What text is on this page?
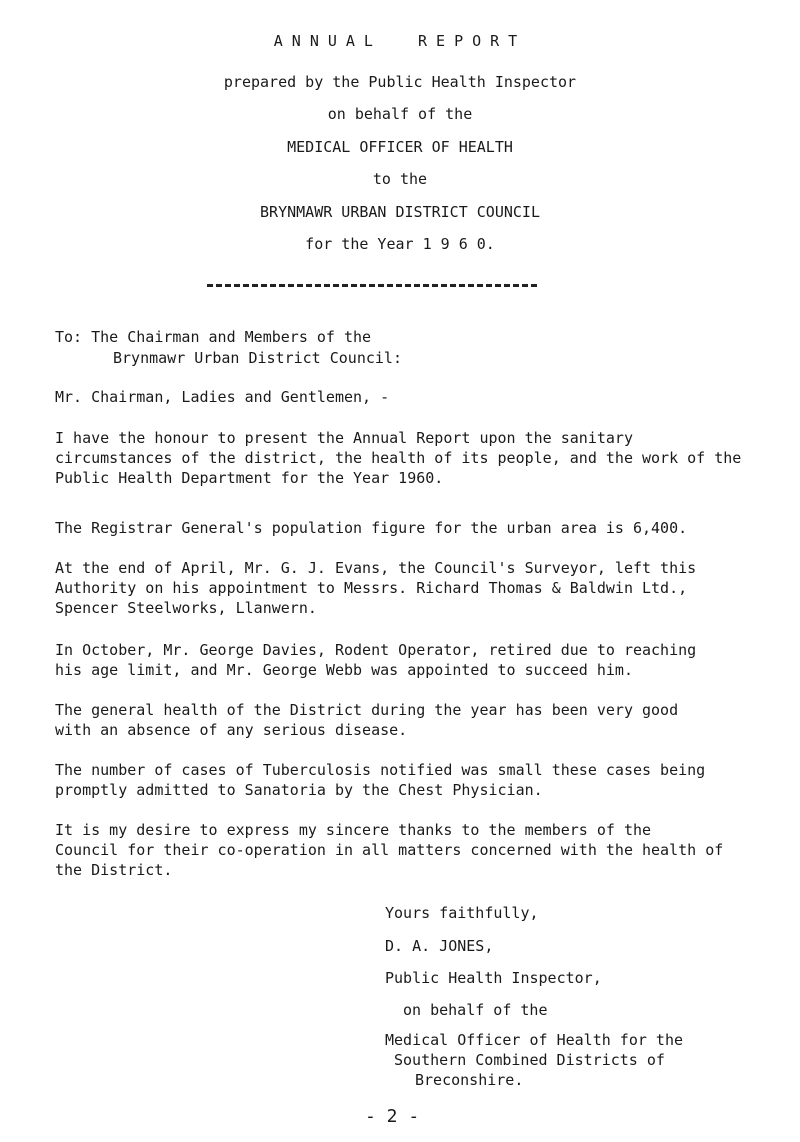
ANNUAL  REPORT
prepared by the Public Health Inspector
on behalf of the
MEDICAL OFFICER OF HEALTH
to the
BRYNMAWR URBAN DISTRICT COUNCIL
for the Year 1 9 6 0.
To: The Chairman and Members of the
Brynmawr Urban District Council:
Mr. Chairman, Ladies and Gentlemen, -
I have the honour to present the Annual Report upon the sanitary
circumstances of the district, the health of its people, and the work of the
Public Health Department for the Year 1960.
The Registrar General's population figure for the urban area is 6,400.
At the end of April, Mr. G. J. Evans, the Council's Surveyor, left this
Authority on his appointment to Messrs. Richard Thomas & Baldwin Ltd.,
Spencer Steelworks, Llanwern.
In October, Mr. George Davies, Rodent Operator, retired due to reaching
his age limit, and Mr. George Webb was appointed to succeed him.
The general health of the District during the year has been very good
with an absence of any serious disease.
The number of cases of Tuberculosis notified was small these cases being
promptly admitted to Sanatoria by the Chest Physician.
It is my desire to express my sincere thanks to the members of the
Council for their co-operation in all matters concerned with the health of
the District.
Yours faithfully,
D. A. JONES,
Public Health Inspector,
on behalf of the
Medical Officer of Health for the
Southern Combined Districts of
Breconshire.
- 2 -
